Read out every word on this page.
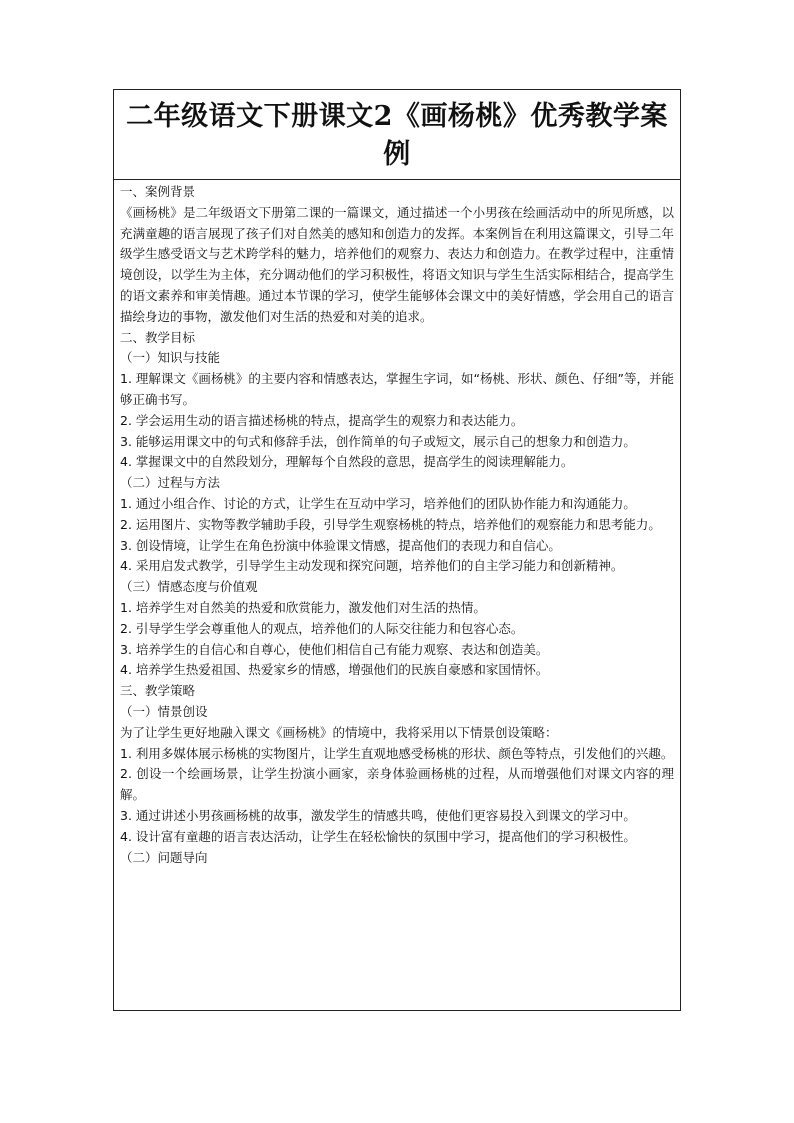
二年级语文下册课文2《画杨桃》优秀教学案例

一、案例背景

《画杨桃》是二年级语文下册第二课的一篇课文，通过描述一个小男孩在绘画活动中的所见所感，以充满童趣的语言展现了孩子们对自然美的感知和创造力的发挥。本案例旨在利用这篇课文，引导二年级学生感受语文与艺术跨学科的魅力，培养他们的观察力、表达力和创造力。在教学过程中，注重情境创设，以学生为主体，充分调动他们的学习积极性，将语文知识与学生生活实际相结合，提高学生的语文素养和审美情趣。通过本节课的学习，使学生能够体会课文中的美好情感，学会用自己的语言描绘身边的事物，激发他们对生活的热爱和对美的追求。

二、教学目标

（一）知识与技能

1. 理解课文《画杨桃》的主要内容和情感表达，掌握生字词，如“杨桃、形状、颜色、仔细”等，并能够正确书写。

2. 学会运用生动的语言描述杨桃的特点，提高学生的观察力和表达能力。

3. 能够运用课文中的句式和修辞手法，创作简单的句子或短文，展示自己的想象力和创造力。

4. 掌握课文中的自然段划分，理解每个自然段的意思，提高学生的阅读理解能力。

（二）过程与方法

1. 通过小组合作、讨论的方式，让学生在互动中学习，培养他们的团队协作能力和沟通能力。

2. 运用图片、实物等教学辅助手段，引导学生观察杨桃的特点，培养他们的观察能力和思考能力。

3. 创设情境，让学生在角色扮演中体验课文情感，提高他们的表现力和自信心。

4. 采用启发式教学，引导学生主动发现和探究问题，培养他们的自主学习能力和创新精神。

（三）情感态度与价值观

1. 培养学生对自然美的热爱和欣赏能力，激发他们对生活的热情。

2. 引导学生学会尊重他人的观点，培养他们的人际交往能力和包容心态。

3. 培养学生的自信心和自尊心，使他们相信自己有能力观察、表达和创造美。

4. 培养学生热爱祖国、热爱家乡的情感，增强他们的民族自豪感和家国情怀。

三、教学策略

（一）情景创设

为了让学生更好地融入课文《画杨桃》的情境中，我将采用以下情景创设策略：

1. 利用多媒体展示杨桃的实物图片，让学生直观地感受杨桃的形状、颜色等特点，引发他们的兴趣。

2. 创设一个绘画场景，让学生扮演小画家，亲身体验画杨桃的过程，从而增强他们对课文内容的理解。

3. 通过讲述小男孩画杨桃的故事，激发学生的情感共鸣，使他们更容易投入到课文的学习中。

4. 设计富有童趣的语言表达活动，让学生在轻松愉快的氛围中学习，提高他们的学习积极性。

（二）问题导向
